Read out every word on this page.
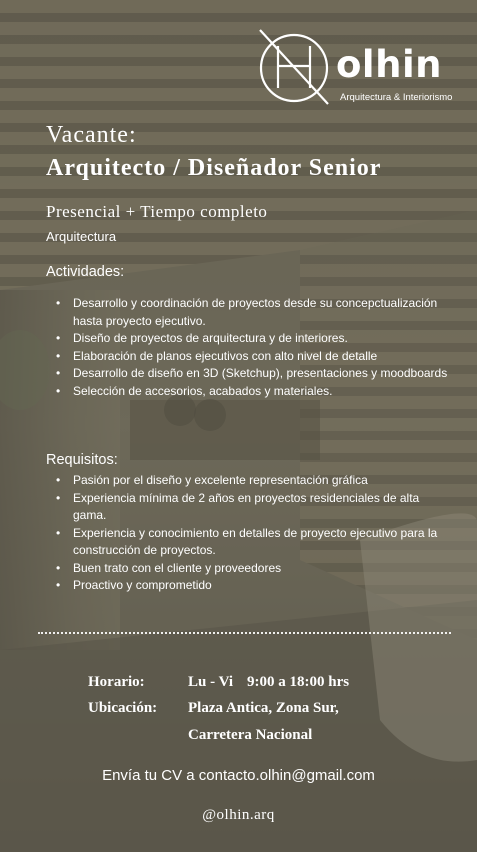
olhin
Arquitectura & Interiorismo
Vacante:
Arquitecto / Diseñador Senior
Presencial + Tiempo completo
Arquitectura
Actividades:
• Desarrollo y coordinación de proyectos desde su concepctualización hasta proyecto ejecutivo.
• Diseño de proyectos de arquitectura y de interiores.
• Elaboración de planos ejecutivos con alto nivel de detalle
• Desarrollo de diseño en 3D (Sketchup), presentaciones y moodboards
• Selección de accesorios, acabados y materiales.
Requisitos:
• Pasión por el diseño y excelente representación gráfica
• Experiencia mínima de 2 años en proyectos residenciales de alta gama.
• Experiencia y conocimiento en detalles de proyecto ejecutivo para la construcción de proyectos.
• Buen trato con el cliente y proveedores
• Proactivo y comprometido
Horario:	Lu - Vi 9:00 a 18:00 hrs
Ubicación: Plaza Antica, Zona Sur,
Carretera Nacional
Envía tu CV a contacto.olhin@gmail.com
@olhin.arq
